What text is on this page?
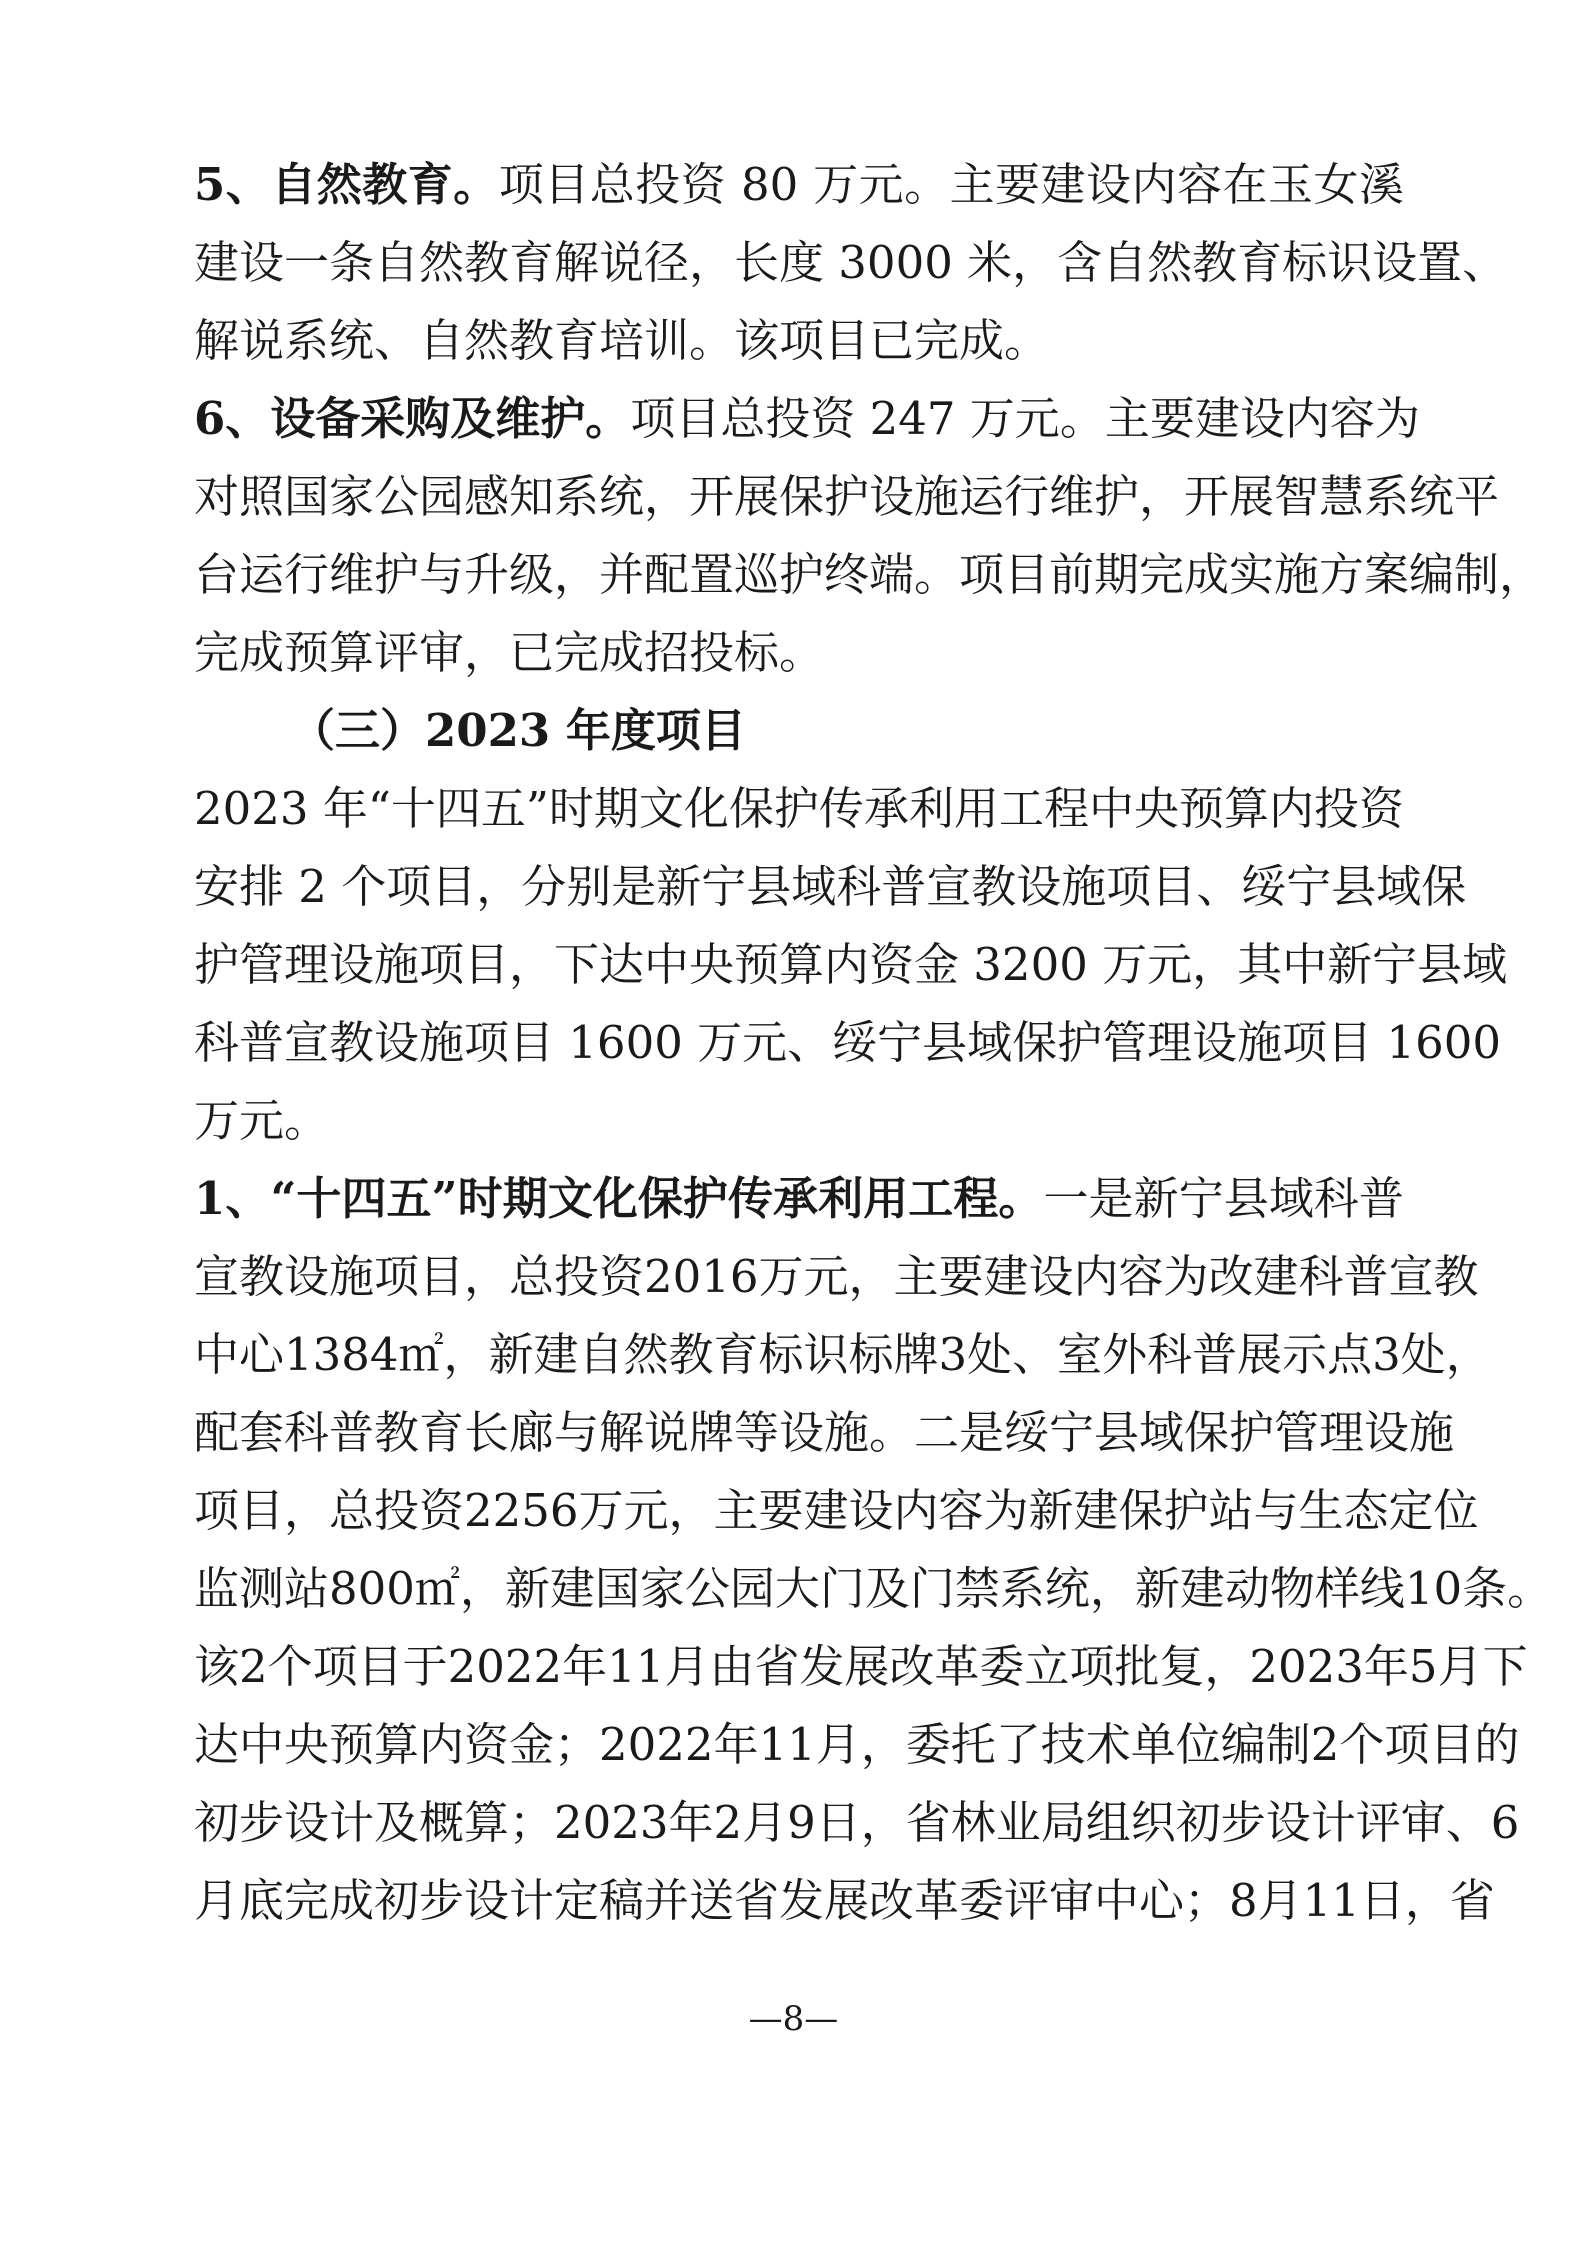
5、自然教育。项目总投资 80 万元。主要建设内容在玉女溪
建设一条自然教育解说径，长度 3000 米，含自然教育标识设置、
解说系统、自然教育培训。该项目已完成。
6、设备采购及维护。项目总投资 247 万元。主要建设内容为
对照国家公园感知系统，开展保护设施运行维护，开展智慧系统平
台运行维护与升级，并配置巡护终端。项目前期完成实施方案编制，
完成预算评审，已完成招投标。
（三）2023 年度项目
2023 年“十四五”时期文化保护传承利用工程中央预算内投资
安排 2 个项目，分别是新宁县域科普宣教设施项目、绥宁县域保
护管理设施项目，下达中央预算内资金 3200 万元，其中新宁县域
科普宣教设施项目 1600 万元、绥宁县域保护管理设施项目 1600
万元。
1、“十四五”时期文化保护传承利用工程。一是新宁县域科普
宣教设施项目，总投资2016万元，主要建设内容为改建科普宣教
中心1384㎡，新建自然教育标识标牌3处、室外科普展示点3处，
配套科普教育长廊与解说牌等设施。二是绥宁县域保护管理设施
项目，总投资2256万元，主要建设内容为新建保护站与生态定位
监测站800㎡，新建国家公园大门及门禁系统，新建动物样线10条。
该2个项目于2022年11月由省发展改革委立项批复，2023年5月下
达中央预算内资金；2022年11月，委托了技术单位编制2个项目的
初步设计及概算；2023年2月9日，省林业局组织初步设计评审、6
月底完成初步设计定稿并送省发展改革委评审中心；8月11日，省
—8—
